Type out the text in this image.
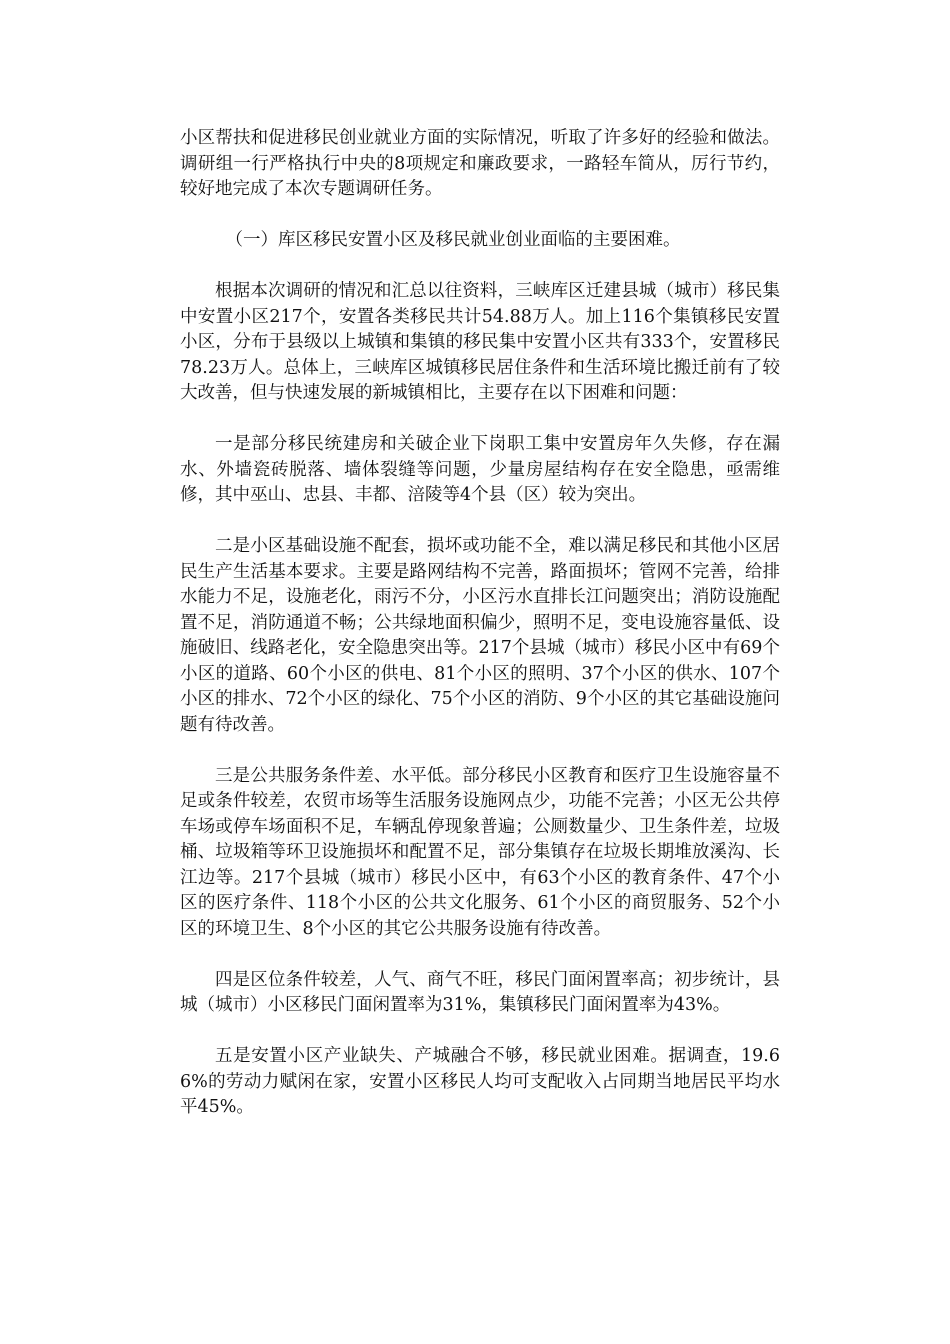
小区帮扶和促进移民创业就业方面的实际情况，听取了许多好的经验和做法。调研组一行严格执行中央的8项规定和廉政要求，一路轻车简从，厉行节约，较好地完成了本次专题调研任务。

（一）库区移民安置小区及移民就业创业面临的主要困难。

根据本次调研的情况和汇总以往资料，三峡库区迁建县城（城市）移民集中安置小区217个，安置各类移民共计54.88万人。加上116个集镇移民安置小区，分布于县级以上城镇和集镇的移民集中安置小区共有333个，安置移民78.23万人。总体上，三峡库区城镇移民居住条件和生活环境比搬迁前有了较大改善，但与快速发展的新城镇相比，主要存在以下困难和问题：

一是部分移民统建房和关破企业下岗职工集中安置房年久失修，存在漏水、外墙瓷砖脱落、墙体裂缝等问题，少量房屋结构存在安全隐患，亟需维修，其中巫山、忠县、丰都、涪陵等4个县（区）较为突出。

二是小区基础设施不配套，损坏或功能不全，难以满足移民和其他小区居民生产生活基本要求。主要是路网结构不完善，路面损坏；管网不完善，给排水能力不足，设施老化，雨污不分，小区污水直排长江问题突出；消防设施配置不足，消防通道不畅；公共绿地面积偏少，照明不足，变电设施容量低、设施破旧、线路老化，安全隐患突出等。217个县城（城市）移民小区中有69个小区的道路、60个小区的供电、81个小区的照明、37个小区的供水、107个小区的排水、72个小区的绿化、75个小区的消防、9个小区的其它基础设施问题有待改善。

三是公共服务条件差、水平低。部分移民小区教育和医疗卫生设施容量不足或条件较差，农贸市场等生活服务设施网点少，功能不完善；小区无公共停车场或停车场面积不足，车辆乱停现象普遍；公厕数量少、卫生条件差，垃圾桶、垃圾箱等环卫设施损坏和配置不足，部分集镇存在垃圾长期堆放溪沟、长江边等。217个县城（城市）移民小区中，有63个小区的教育条件、47个小区的医疗条件、118个小区的公共文化服务、61个小区的商贸服务、52个小区的环境卫生、8个小区的其它公共服务设施有待改善。

四是区位条件较差，人气、商气不旺，移民门面闲置率高；初步统计，县城（城市）小区移民门面闲置率为31%，集镇移民门面闲置率为43%。

五是安置小区产业缺失、产城融合不够，移民就业困难。据调查，19.66%的劳动力赋闲在家，安置小区移民人均可支配收入占同期当地居民平均水平45%。
